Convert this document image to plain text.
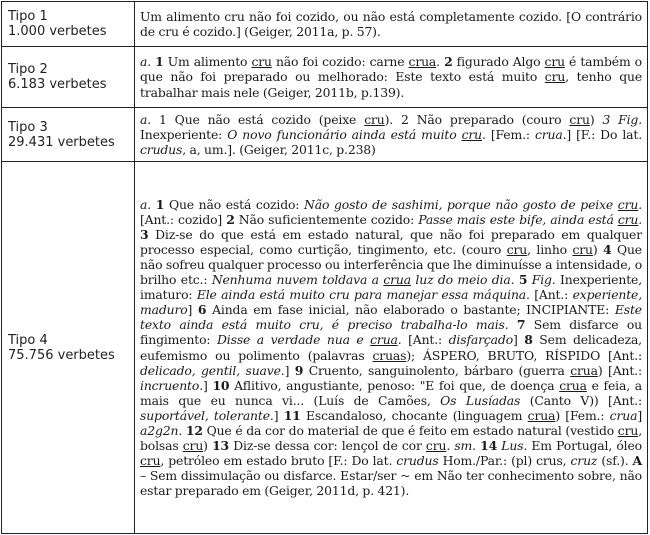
Tipo 1
1.000 verbetes	Um alimento cru não foi cozido, ou não está completamente cozido. [O contrário de cru é cozido.] (Geiger, 2011a, p. 57).

Tipo 2
6.183 verbetes	a. 1 Um alimento cru não foi cozido: carne crua. 2 figurado Algo cru é também o que não foi preparado ou melhorado: Este texto está muito cru, tenho que trabalhar mais nele (Geiger, 2011b, p.139).

Tipo 3
29.431 verbetes	a. 1 Que não está cozido (peixe cru). 2 Não preparado (couro cru) 3 Fig. Inexperiente: O novo funcionário ainda está muito cru. [Fem.: crua.] [F.: Do lat. crudus, a, um.]. (Geiger, 2011c, p.238)

Tipo 4
75.756 verbetes	a. 1 Que não está cozido: Não gosto de sashimi, porque não gosto de peixe cru. [Ant.: cozido] 2 Não suficientemente cozido: Passe mais este bife, ainda está cru. 3 Diz-se do que está em estado natural, que não foi preparado em qualquer processo especial, como curtição, tingimento, etc. (couro cru, linho cru) 4 Que não sofreu qualquer processo ou interferência que lhe diminuísse a intensidade, o brilho etc.: Nenhuma nuvem toldava a crua luz do meio dia. 5 Fig. Inexperiente, imaturo: Ele ainda está muito cru para manejar essa máquina. [Ant.: experiente, maduro] 6 Ainda em fase inicial, não elaborado o bastante; INCIPIANTE: Este texto ainda está muito cru, é preciso trabalha-lo mais. 7 Sem disfarce ou fingimento: Disse a verdade nua e crua. [Ant.: disfarçado] 8 Sem delicadeza, eufemismo ou polimento (palavras cruas); ÁSPERO, BRUTO, RÍSPIDO [Ant.: delicado, gentil, suave.] 9 Cruento, sanguinolento, bárbaro (guerra crua) [Ant.: incruento.] 10 Aflitivo, angustiante, penoso: "E foi que, de doença crua e feia, a mais que eu nunca vi... (Luís de Camões, Os Lusíadas (Canto V)) [Ant.: suportável, tolerante.] 11 Escandaloso, chocante (linguagem crua) [Fem.: crua] a2g2n. 12 Que é da cor do material de que é feito em estado natural (vestido cru, bolsas cru) 13 Diz-se dessa cor: lençol de cor cru. sm. 14 Lus. Em Portugal, óleo cru, petróleo em estado bruto [F.: Do lat. crudus Hom./Par.: (pl) crus, cruz (sf.). A – Sem dissimulação ou disfarce. Estar/ser ~ em Não ter conhecimento sobre, não estar preparado em (Geiger, 2011d, p. 421).
